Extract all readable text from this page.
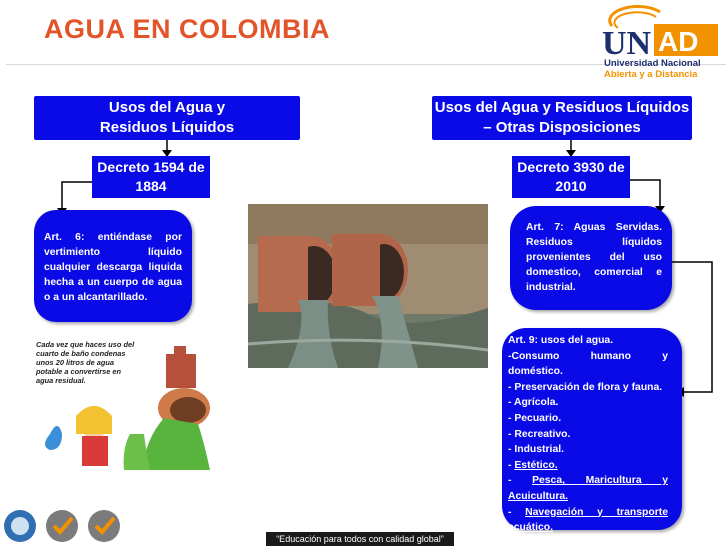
AGUA EN COLOMBIA	UN AD
Universidad Nacional
Abierta y a Distancia
Usos del Agua y Residuos Líquidos
Decreto 1594 de 1884
Art. 6: entiéndase por vertimiento líquido cualquier descarga liquida hecha a un cuerpo de agua o a un alcantarillado.
Usos del Agua y Residuos Líquidos – Otras Disposiciones
Decreto 3930 de 2010
Art. 7: Aguas Servidas. Residuos líquidos provenientes del uso domestico, comercial e industrial.
Art. 9: usos del agua.
-Consumo humano y doméstico.
- Preservación de flora y fauna.
- Agrícola.
- Pecuario.
- Recreativo.
- Industrial.
- Estético.
- Pesca, Maricultura y Acuicultura.
- Navegación y transporte acuático.
Cada vez que haces uso del cuarto de baño condenas unos 20 litros de agua potable a convertirse en agua residual.
“Educación para todos con calidad global”
